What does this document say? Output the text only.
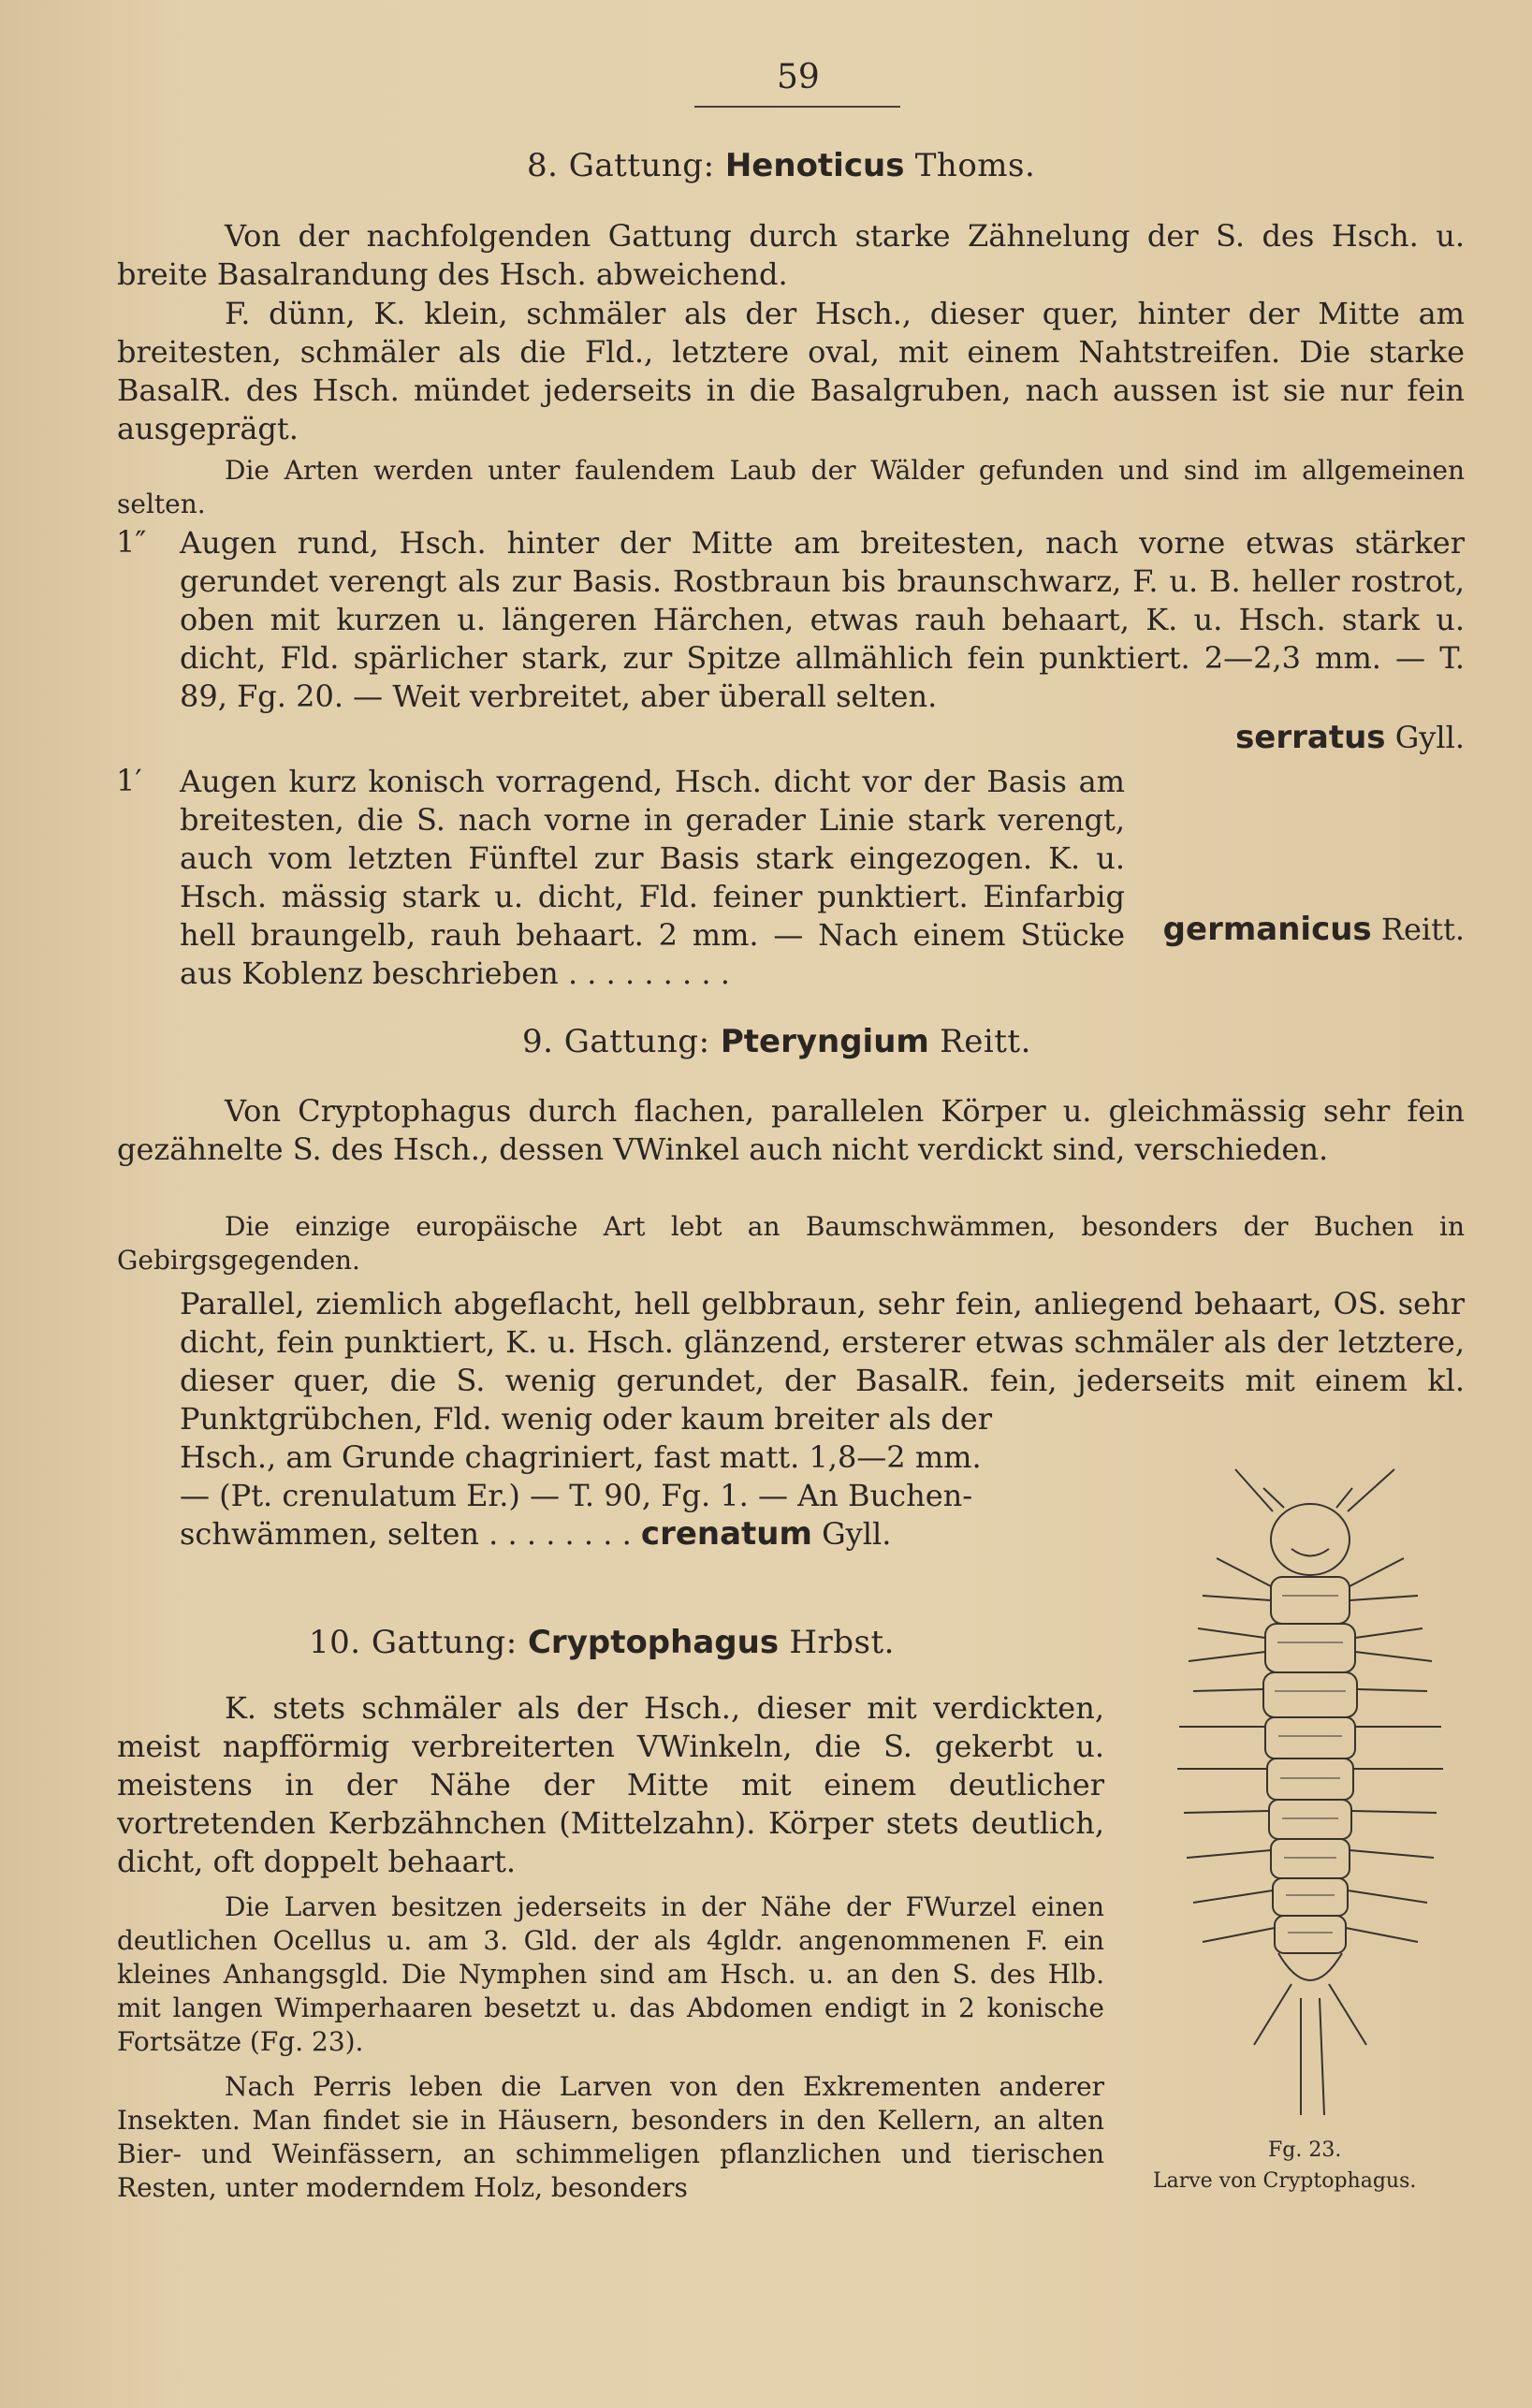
59
8. Gattung: Henoticus Thoms.
Von der nachfolgenden Gattung durch starke Zähnelung der S. des Hsch. u. breite Basalrandung des Hsch. abweichend.
F. dünn, K. klein, schmäler als der Hsch., dieser quer, hinter der Mitte am breitesten, schmäler als die Fld., letztere oval, mit einem Nahtstreifen. Die starke BasalR. des Hsch. mündet jederseits in die Basalgruben, nach aussen ist sie nur fein ausgeprägt.
Die Arten werden unter faulendem Laub der Wälder gefunden und sind im allgemeinen selten.
1″ Augen rund, Hsch. hinter der Mitte am breitesten, nach vorne etwas stärker gerundet verengt als zur Basis. Rostbraun bis braunschwarz, F. u. B. heller rostrot, oben mit kurzen u. längeren Härchen, etwas rauh behaart, K. u. Hsch. stark u. dicht, Fld. spärlicher stark, zur Spitze allmählich fein punktiert. 2—2,3 mm. — T. 89, Fg. 20. — Weit verbreitet, aber überall selten.
serratus Gyll.
1′ Augen kurz konisch vorragend, Hsch. dicht vor der Basis am breitesten, die S. nach vorne in gerader Linie stark verengt, auch vom letzten Fünftel zur Basis stark eingezogen. K. u. Hsch. mässig stark u. dicht, Fld. feiner punktiert. Einfarbig hell braungelb, rauh behaart. 2 mm. — Nach einem Stücke aus Koblenz beschrieben . . . . . . . . .
germanicus Reitt.
9. Gattung: Pteryngium Reitt.
Von Cryptophagus durch flachen, parallelen Körper u. gleichmässig sehr fein gezähnelte S. des Hsch., dessen VWinkel auch nicht verdickt sind, verschieden.
Die einzige europäische Art lebt an Baumschwämmen, besonders der Buchen in Gebirgsgegenden.
Parallel, ziemlich abgeflacht, hell gelbbraun, sehr fein, anliegend behaart, OS. sehr dicht, fein punktiert, K. u. Hsch. glänzend, ersterer etwas schmäler als der letztere, dieser quer, die S. wenig gerundet, der BasalR. fein, jederseits mit einem kl. Punktgrübchen, Fld. wenig oder kaum breiter als der
Hsch., am Grunde chagriniert, fast matt. 1,8—2 mm.
— (Pt. crenulatum Er.) — T. 90, Fg. 1. — An Buchen-
schwämmen, selten . . . . . . . . crenatum Gyll.
10. Gattung: Cryptophagus Hrbst.
K. stets schmäler als der Hsch., dieser mit verdickten, meist napfförmig verbreiterten VWinkeln, die S. gekerbt u. meistens in der Nähe der Mitte mit einem deutlicher vortretenden Kerbzähnchen (Mittelzahn). Körper stets deutlich, dicht, oft doppelt behaart.
Die Larven besitzen jederseits in der Nähe der FWurzel einen deutlichen Ocellus u. am 3. Gld. der als 4gldr. angenommenen F. ein kleines Anhangsgld. Die Nymphen sind am Hsch. u. an den S. des Hlb. mit langen Wimperhaaren besetzt u. das Abdomen endigt in 2 konische Fortsätze (Fg. 23).
Nach Perris leben die Larven von den Exkrementen anderer Insekten. Man findet sie in Häusern, besonders in den Kellern, an alten Bier- und Weinfässern, an schimmeligen pflanzlichen und tierischen Resten, unter moderndem Holz, besonders
Fg. 23.
Larve von Cryptophagus.
